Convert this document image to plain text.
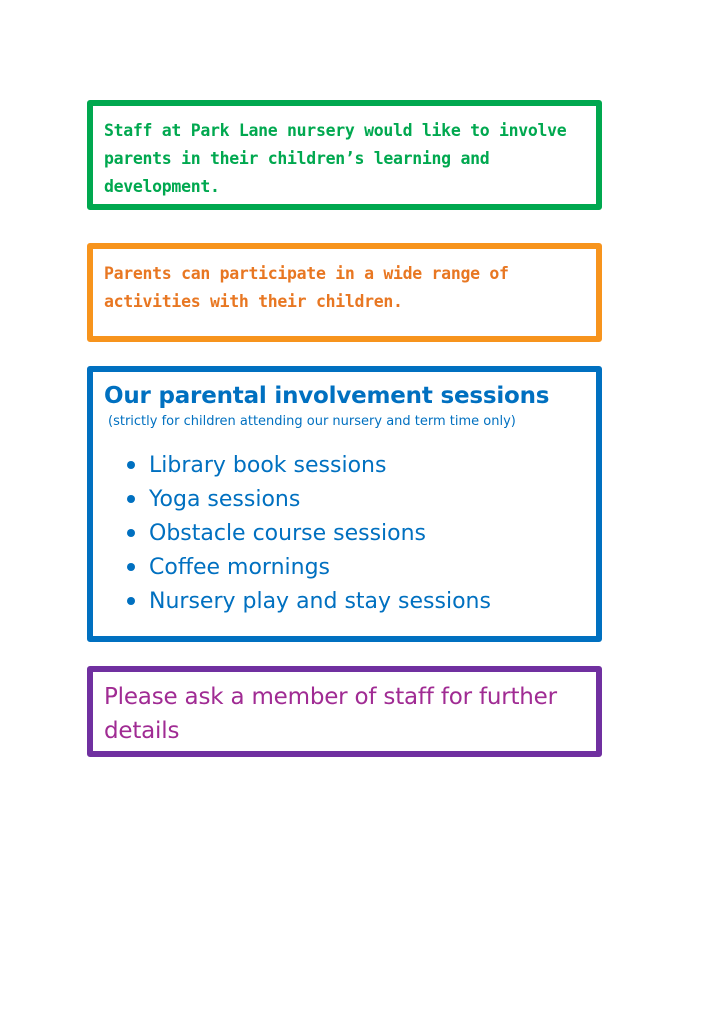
Staff at Park Lane nursery would like to involve parents in their children’s learning and development.

Parents can participate in a wide range of activities with their children.

Our parental involvement sessions

(strictly for children attending our nursery and term time only)

Library book sessions
Yoga sessions
Obstacle course sessions
Coffee mornings
Nursery play and stay sessions

Please ask a member of staff for further details
